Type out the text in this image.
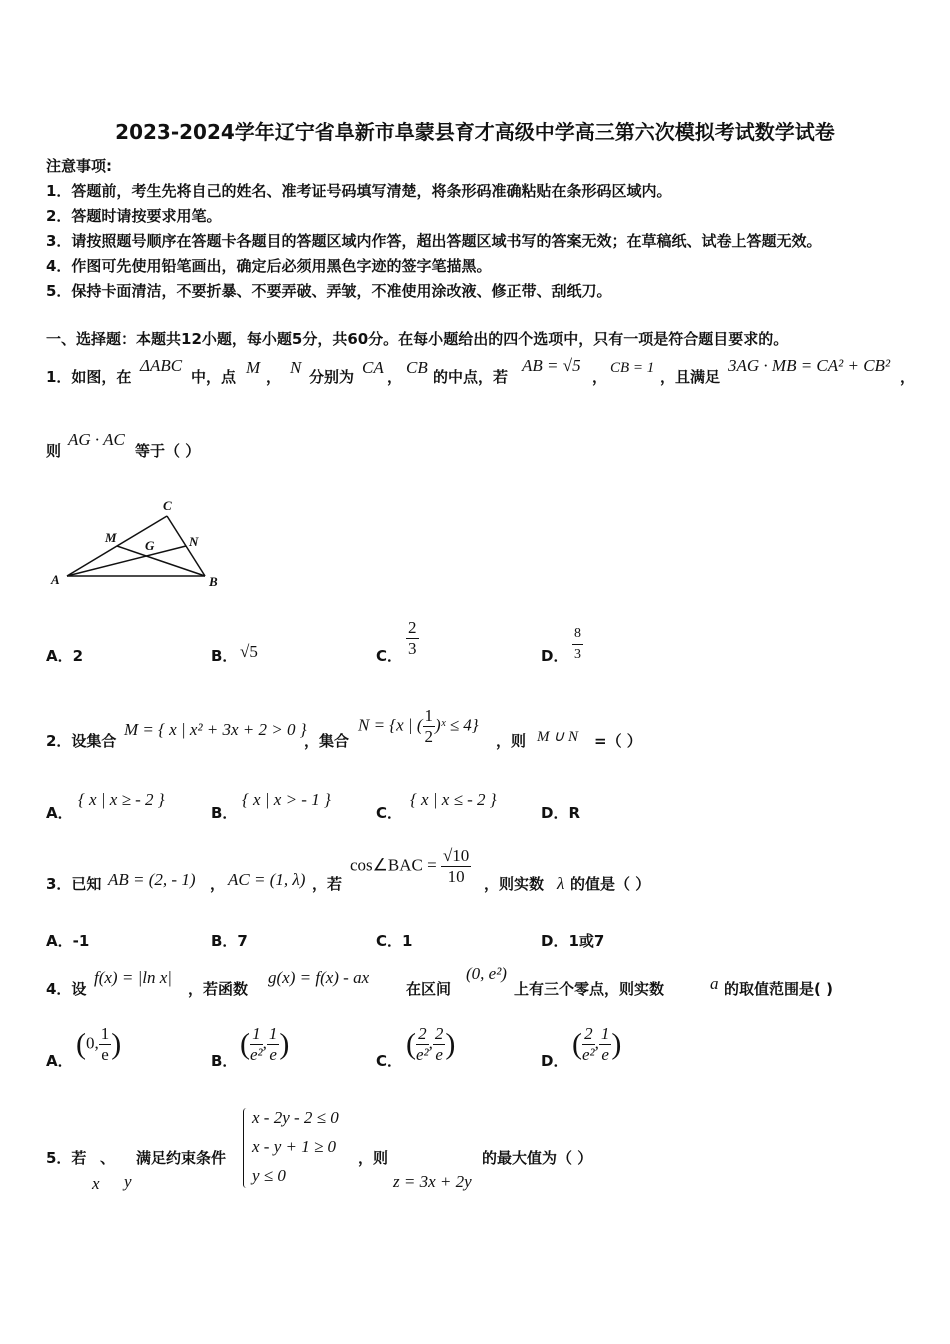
2023-2024学年辽宁省阜新市阜蒙县育才高级中学高三第六次模拟考试数学试卷
注意事项:
1．答题前，考生先将自己的姓名、准考证号码填写清楚，将条形码准确粘贴在条形码区域内。
2．答题时请按要求用笔。
3．请按照题号顺序在答题卡各题目的答题区域内作答，超出答题区域书写的答案无效；在草稿纸、试卷上答题无效。
4．作图可先使用铅笔画出，确定后必须用黑色字迹的签字笔描黑。
5．保持卡面清洁，不要折暴、不要弄破、弄皱，不准使用涂改液、修正带、刮纸刀。
一、选择题：本题共12小题，每小题5分，共60分。在每小题给出的四个选项中，只有一项是符合题目要求的。
1．如图，在
ΔABC
中，点 M ， N 分别为 CA ， CB 的中点，若
AB = √5
， CB = 1 ，且满足
3AG · MB = CA² + CB²
，
则
AG · AC
等于（ ）
A	B
C
M	N
G
A．2	B． √5	C． $\frac{2}{3}$	D． $\frac{8}{3}$
2．设集合
M = { x | x² + 3x + 2 > 0 }
，集合
N = {x | ( $\frac{1}{2}$ )ˣ ≤ 4}
，则 M ∪ N =（ ）
A．
{ x | x ≥ - 2 }
B．
{ x | x > - 1 }
C．
{ x | x ≤ - 2 }
D．R
3．已知 AB = (2, - 1) ， AC = (1, λ) ，若
cos∠BAC = $\frac{√10}{10}$ ，则实数 λ 的值是（ ）
A．-1	B．7	C．1	D．1或7
4．设
f(x) = |ln x|
，若函数
g(x) = f(x) - ax
在区间
(0, e²)
上有三个零点，则实数	a 的取值范围是( )
A．
(0, $\frac{1}{e}$ )
B．
( $\frac{1}{\text{e²}}$ , $\frac{1}{e}$ )
C．
( $\frac{2}{\text{e²}}$ , $\frac{2}{e}$ )
D．
( $\frac{2}{\text{e²}}$ , $\frac{1}{e}$ )
5．若 、 满足约束条件
x y
x - 2y - 2 ≤ 0
x - y + 1 ≥ 0
y ≤ 0
，则
z = 3x + 2y
的最大值为（ ）
